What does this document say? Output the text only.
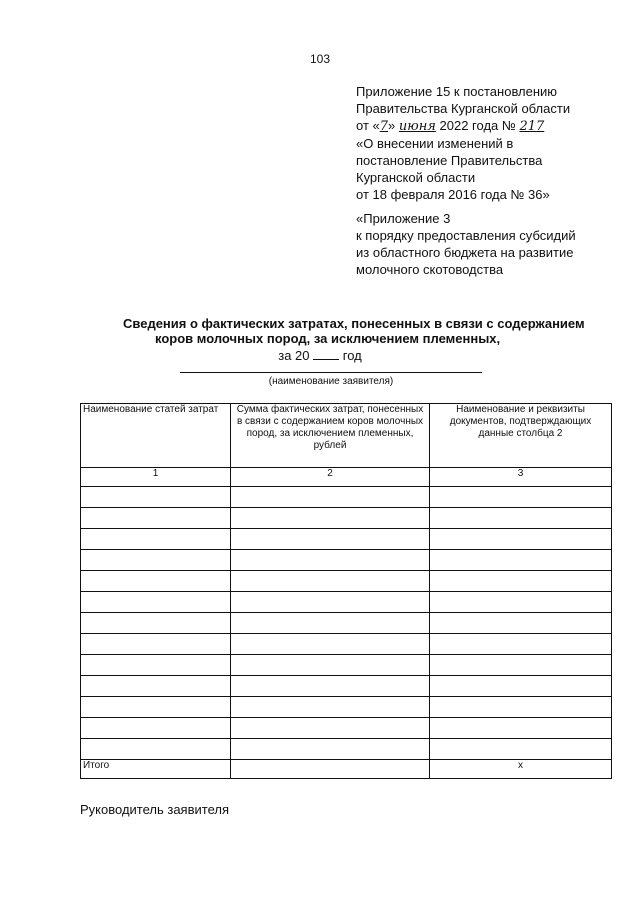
103
Приложение 15 к постановлению
Правительства Курганской области
от «7» июня 2022 года № 217
«О внесении изменений в
постановление Правительства
Курганской области
от 18 февраля 2016 года № 36»
«Приложение 3
к порядку предоставления субсидий
из областного бюджета на развитие
молочного скотоводства
Сведения о фактических затратах, понесенных в связи с содержанием
коров молочных пород, за исключением племенных,
за 20	год
(наименование заявителя)
Наименование статей затрат	Сумма фактических затрат, понесенных в связи с содержанием коров молочных пород, за исключением племенных, рублей	Наименование и реквизиты документов, подтверждающих данные столбца 2
1	2	3

Итого		x
Руководитель заявителя
